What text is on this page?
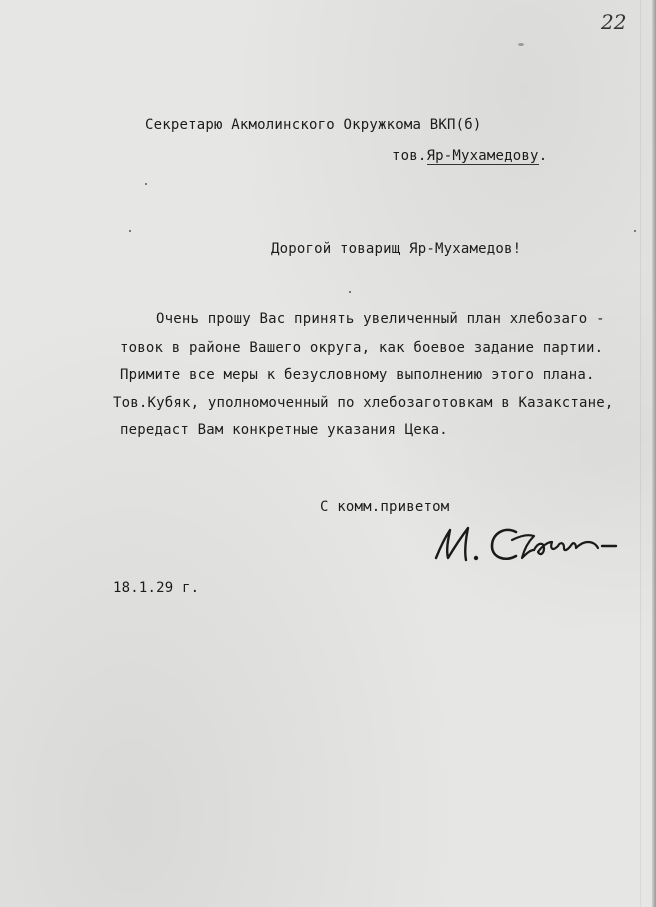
22
Секретарю Акмолинского Окружкома ВКП(б)
тов.Яр-Мухамедову.
Дорогой товарищ Яр-Мухамедов!
Очень прошу Вас принять увеличенный план хлебозаго -
товок в районе Вашего округа, как боевое задание партии.
Примите все меры к безусловному выполнению этого плана.
Тов.Кубяк, уполномоченный по хлебозаготовкам в Казакстане,
передаст Вам конкретные указания Цека.
С комм.приветом
18.1.29 г.
